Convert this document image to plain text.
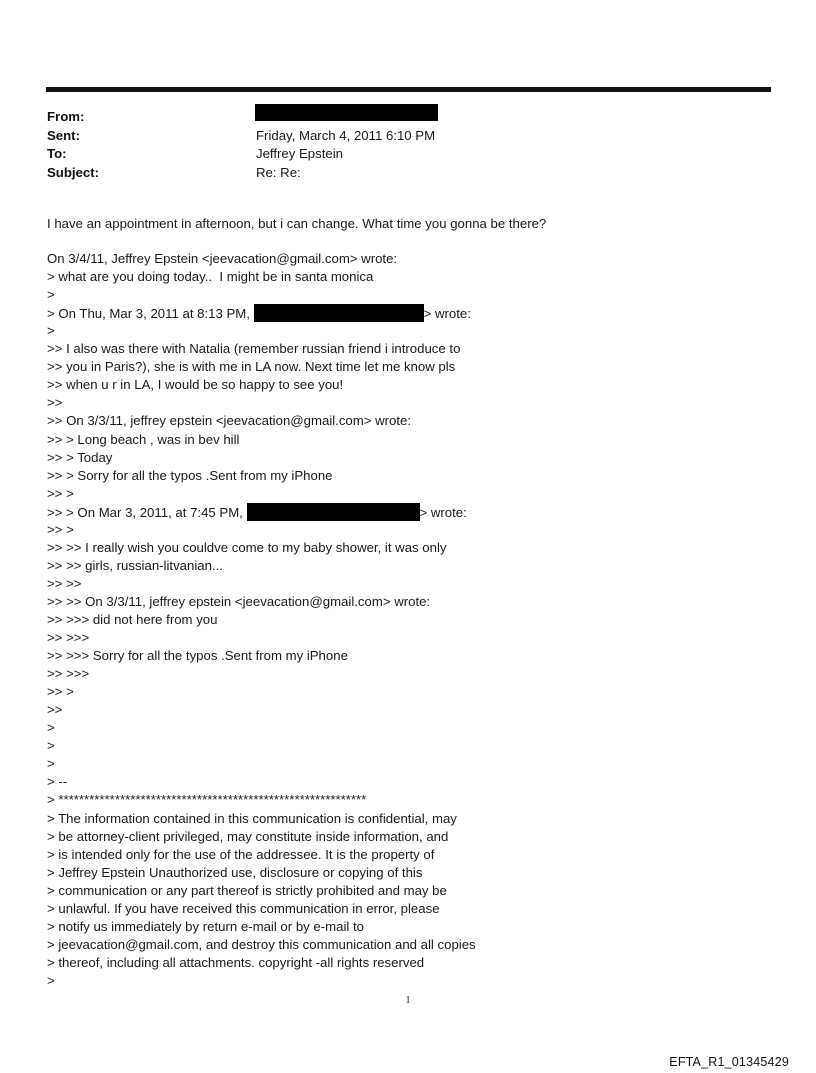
From:
Sent:	Friday, March 4, 2011 6:10 PM
To:	Jeffrey Epstein
Subject:	Re: Re:
I have an appointment in afternoon, but i can change. What time you gonna be there?
On 3/4/11, Jeffrey Epstein <jeevacation@gmail.com> wrote:
> what are you doing today..  I might be in santa monica
>
> On Thu, Mar 3, 2011 at 8:13 PM,	> wrote:
>
>> I also was there with Natalia (remember russian friend i introduce to
>> you in Paris?), she is with me in LA now. Next time let me know pls
>> when u r in LA, I would be so happy to see you!
>>
>> On 3/3/11, jeffrey epstein <jeevacation@gmail.com> wrote:
>> > Long beach , was in bev hill
>> > Today
>> > Sorry for all the typos .Sent from my iPhone
>> >
>> > On Mar 3, 2011, at 7:45 PM,	> wrote:
>> >
>> >> I really wish you couldve come to my baby shower, it was only
>> >> girls, russian-litvanian...
>> >>
>> >> On 3/3/11, jeffrey epstein <jeevacation@gmail.com> wrote:
>> >>> did not here from you
>> >>>
>> >>> Sorry for all the typos .Sent from my iPhone
>> >>>
>> >
>>
>
>
>
> --
> ************************************************************
> The information contained in this communication is confidential, may
> be attorney-client privileged, may constitute inside information, and
> is intended only for the use of the addressee. It is the property of
> Jeffrey Epstein Unauthorized use, disclosure or copying of this
> communication or any part thereof is strictly prohibited and may be
> unlawful. If you have received this communication in error, please
> notify us immediately by return e-mail or by e-mail to
> jeevacation@gmail.com, and destroy this communication and all copies
> thereof, including all attachments. copyright -all rights reserved
>
1
EFTA_R1_01345429
